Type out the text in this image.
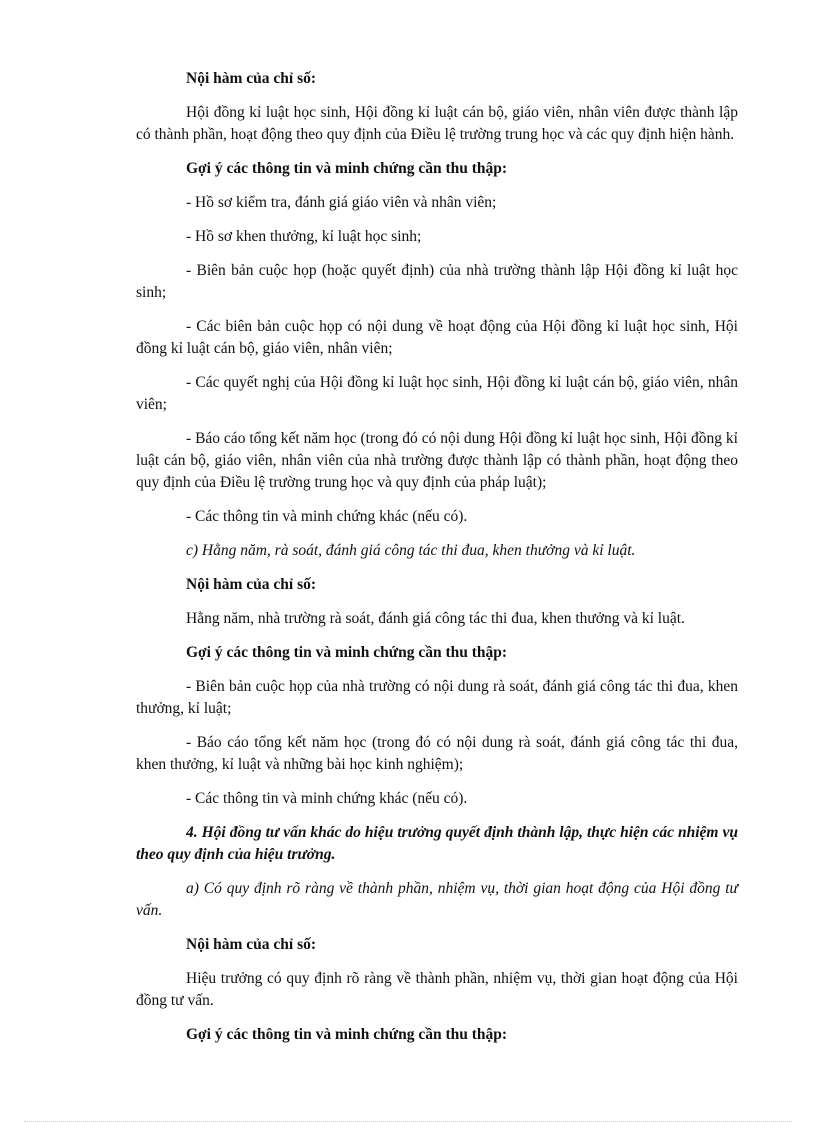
Nội hàm của chỉ số:

Hội đồng kỉ luật học sinh, Hội đồng kỉ luật cán bộ, giáo viên, nhân viên được thành lập có thành phần, hoạt động theo quy định của Điều lệ trường trung học và các quy định hiện hành.

Gợi ý các thông tin và minh chứng cần thu thập:

- Hồ sơ kiểm tra, đánh giá giáo viên và nhân viên;

- Hồ sơ khen thưởng, kỉ luật học sinh;

- Biên bản cuộc họp (hoặc quyết định) của nhà trường thành lập Hội đồng kỉ luật học sinh;

- Các biên bản cuộc họp có nội dung về hoạt động của Hội đồng kỉ luật học sinh, Hội đồng kỉ luật cán bộ, giáo viên, nhân viên;

- Các quyết nghị của Hội đồng kỉ luật học sinh, Hội đồng kỉ luật cán bộ, giáo viên, nhân viên;

- Báo cáo tổng kết năm học (trong đó có nội dung Hội đồng kỉ luật học sinh, Hội đồng kỉ luật cán bộ, giáo viên, nhân viên của nhà trường được thành lập có thành phần, hoạt động theo quy định của Điều lệ trường trung học và quy định của pháp luật);

- Các thông tin và minh chứng khác (nếu có).

c) Hằng năm, rà soát, đánh giá công tác thi đua, khen thưởng và kỉ luật.

Nội hàm của chỉ số:

Hằng năm, nhà trường rà soát, đánh giá công tác thi đua, khen thưởng và kỉ luật.

Gợi ý các thông tin và minh chứng cần thu thập:

- Biên bản cuộc họp của nhà trường có nội dung rà soát, đánh giá công tác thi đua, khen thưởng, kỉ luật;

- Báo cáo tổng kết năm học (trong đó có nội dung rà soát, đánh giá công tác thi đua, khen thưởng, kỉ luật và những bài học kinh nghiệm);

- Các thông tin và minh chứng khác (nếu có).

4. Hội đồng tư vấn khác do hiệu trưởng quyết định thành lập, thực hiện các nhiệm vụ theo quy định của hiệu trưởng.

a) Có quy định rõ ràng về thành phần, nhiệm vụ, thời gian hoạt động của Hội đồng tư vấn.

Nội hàm của chỉ số:

Hiệu trưởng có quy định rõ ràng về thành phần, nhiệm vụ, thời gian hoạt động của Hội đồng tư vấn.

Gợi ý các thông tin và minh chứng cần thu thập:
